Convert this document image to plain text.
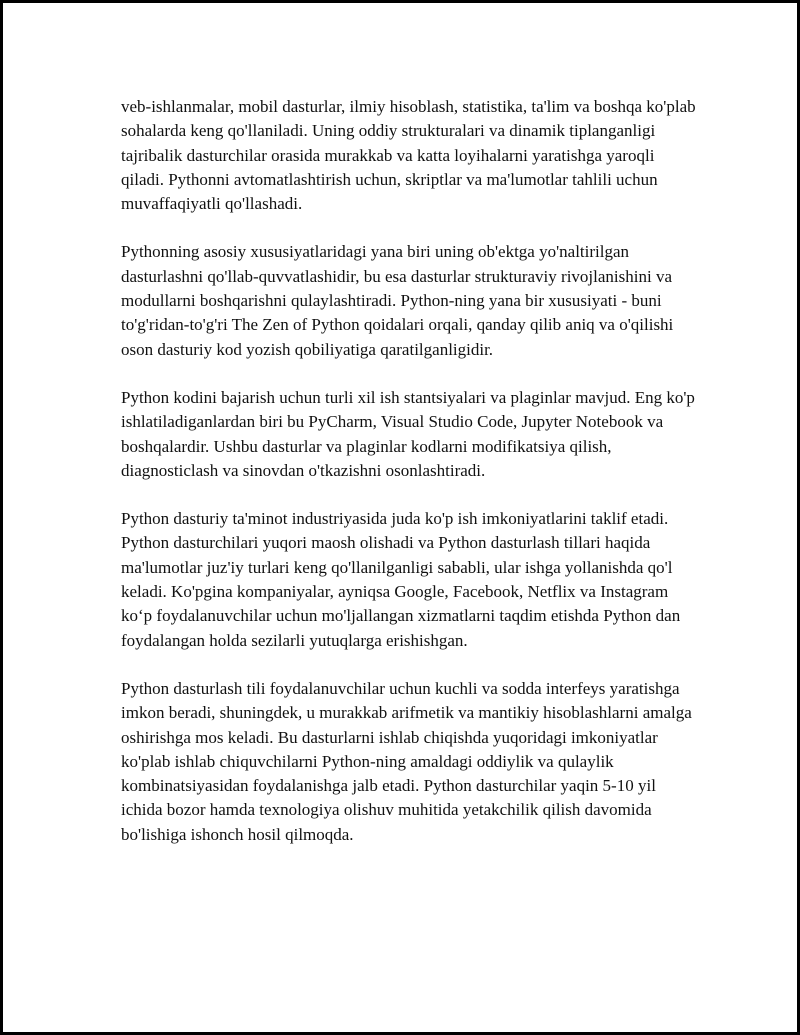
veb-ishlanmalar, mobil dasturlar, ilmiy hisoblash, statistika, ta'lim va boshqa ko'plab sohalarda keng qo'llaniladi. Uning oddiy strukturalari va dinamik tiplanganligi tajribalik dasturchilar orasida murakkab va katta loyihalarni yaratishga yaroqli qiladi. Pythonni avtomatlashtirish uchun, skriptlar va ma'lumotlar tahlili uchun muvaffaqiyatli qo'llashadi.

Pythonning asosiy xususiyatlaridagi yana biri uning ob'ektga yo'naltirilgan dasturlashni qo'llab-quvvatlashidir, bu esa dasturlar strukturaviy rivojlanishini va modullarni boshqarishni qulaylashtiradi. Python-ning yana bir xususiyati - buni to'g'ridan-to'g'ri The Zen of Python qoidalari orqali, qanday qilib aniq va o'qilishi oson dasturiy kod yozish qobiliyatiga qaratilganligidir.

Python kodini bajarish uchun turli xil ish stantsiyalari va plaginlar mavjud. Eng ko'p ishlatiladiganlardan biri bu PyCharm, Visual Studio Code, Jupyter Notebook va boshqalardir. Ushbu dasturlar va plaginlar kodlarni modifikatsiya qilish, diagnosticlash va sinovdan o'tkazishni osonlashtiradi.

Python dasturiy ta'minot industriyasida juda ko'p ish imkoniyatlarini taklif etadi. Python dasturchilari yuqori maosh olishadi va Python dasturlash tillari haqida ma'lumotlar juz'iy turlari keng qo'llanilganligi sababli, ular ishga yollanishda qo'l keladi. Ko'pgina kompaniyalar, ayniqsa Google, Facebook, Netflix va Instagram ko‘p foydalanuvchilar uchun mo'ljallangan xizmatlarni taqdim etishda Python dan foydalangan holda sezilarli yutuqlarga erishishgan.

Python dasturlash tili foydalanuvchilar uchun kuchli va sodda interfeys yaratishga imkon beradi, shuningdek, u murakkab arifmetik va mantikiy hisoblashlarni amalga oshirishga mos keladi. Bu dasturlarni ishlab chiqishda yuqoridagi imkoniyatlar ko'plab ishlab chiquvchilarni Python-ning amaldagi oddiylik va qulaylik kombinatsiyasidan foydalanishga jalb etadi. Python dasturchilar yaqin 5-10 yil ichida bozor hamda texnologiya olishuv muhitida yetakchilik qilish davomida bo'lishiga ishonch hosil qilmoqda.
